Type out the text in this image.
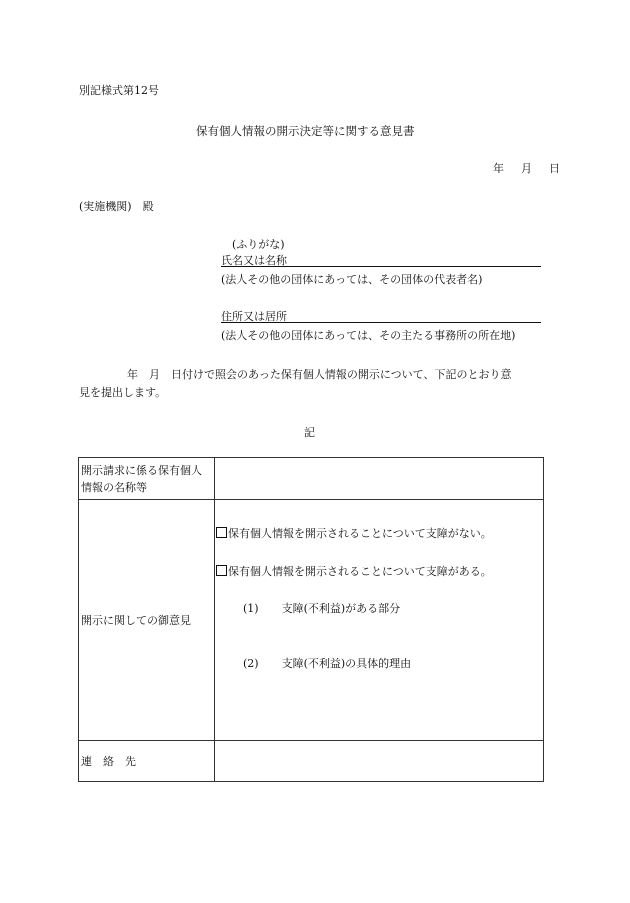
別記様式第12号
保有個人情報の開示決定等に関する意見書
年 月 日
(実施機関)　殿
(ふりがな)
氏名又は名称
(法人その他の団体にあっては、その団体の代表者名)
住所又は居所
(法人その他の団体にあっては、その主たる事務所の所在地)
年　月　日付けで照会のあった保有個人情報の開示について、下記のとおり意
見を提出します。
記
開示請求に係る保有個人
情報の名称等	

開示に関しての御意見	保有個人情報を開示されることについて支障がない。
保有個人情報を開示されることについて支障がある。
(1) 支障(不利益)がある部分
(2) 支障(不利益)の具体的理由

連　絡　先	
